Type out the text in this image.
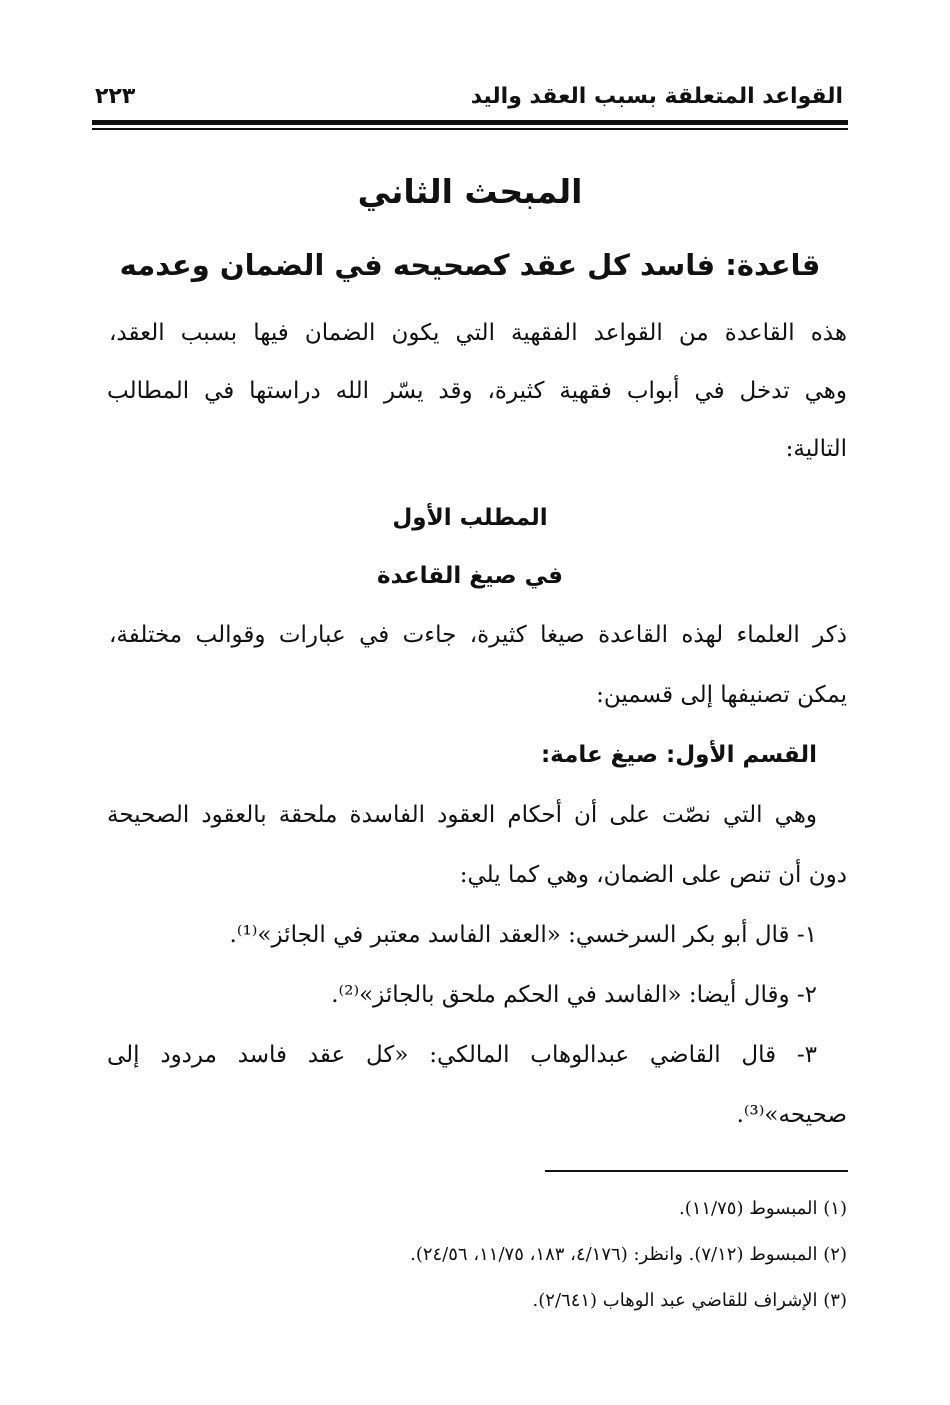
القواعد المتعلقة بسبب العقد واليد
٢٢٣
المبحث الثاني
قاعدة: فاسد كل عقد كصحيحه في الضمان وعدمه
هذه القاعدة من القواعد الفقهية التي يكون الضمان فيها بسبب العقد،
وهي تدخل في أبواب فقهية كثيرة، وقد يسّر الله دراستها في المطالب
التالية:
المطلب الأول
في صيغ القاعدة
ذكر العلماء لهذه القاعدة صيغا كثيرة، جاءت في عبارات وقوالب مختلفة،
يمكن تصنيفها إلى قسمين:
القسم الأول: صيغ عامة:
وهي التي نصّت على أن أحكام العقود الفاسدة ملحقة بالعقود الصحيحة
دون أن تنص على الضمان، وهي كما يلي:
١- قال أبو بكر السرخسي: «العقد الفاسد معتبر في الجائز»⁽¹⁾.
٢- وقال أيضا: «الفاسد في الحكم ملحق بالجائز»⁽²⁾.
٣- قال القاضي عبدالوهاب المالكي: «كل عقد فاسد مردود إلى
صحيحه»⁽³⁾.
(١) المبسوط (١١/٧٥).
(٢) المبسوط (٧/١٢). وانظر: (٤/١٧٦، ١٨٣، ١١/٧٥، ٢٤/٥٦).
(٣) الإشراف للقاضي عبد الوهاب (٢/٦٤١).
